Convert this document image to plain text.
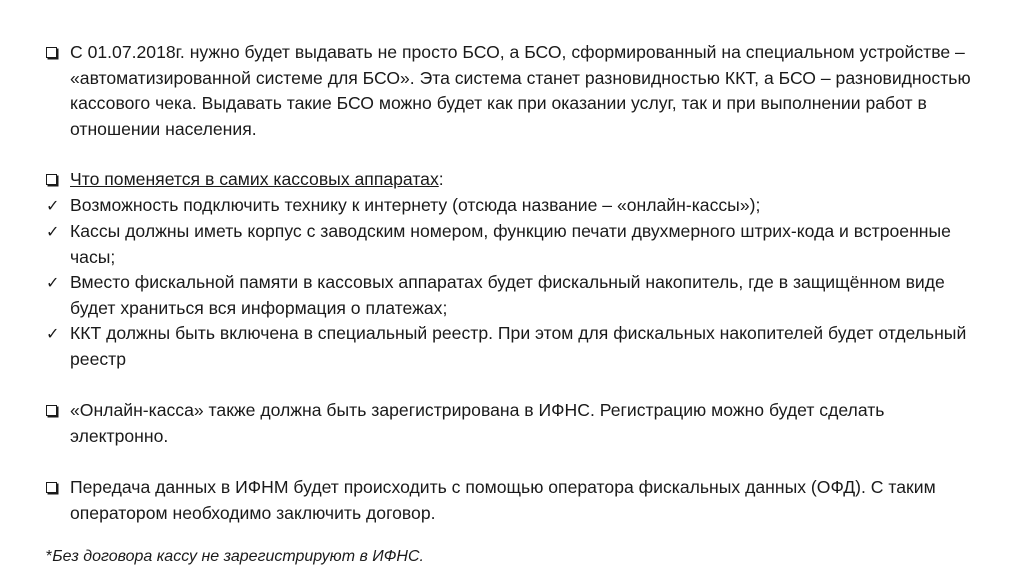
С 01.07.2018г. нужно будет выдавать не просто БСО, а БСО, сформированный на специальном устройстве – «автоматизированной системе для БСО». Эта система станет разновидностью ККТ, а БСО – разновидностью кассового чека. Выдавать такие БСО можно будет как при оказании услуг, так и при выполнении работ в отношении населения.
Что поменяется в самих кассовых аппаратах:
✓ Возможность подключить технику к интернету (отсюда название – «онлайн-кассы»);
✓ Кассы должны иметь корпус с заводским номером, функцию печати двухмерного штрих-кода и встроенные часы;
✓ Вместо фискальной памяти в кассовых аппаратах будет фискальный накопитель, где в защищённом виде будет храниться вся информация о платежах;
✓ ККТ должны быть включена в специальный реестр. При этом для фискальных накопителей будет отдельный реестр
«Онлайн-касса» также должна быть зарегистрирована в ИФНС. Регистрацию можно будет сделать электронно.
Передача данных в ИФНМ будет происходить с помощью оператора фискальных данных (ОФД). С таким оператором необходимо заключить договор.
*Без договора кассу не зарегистрируют в ИФНС.
